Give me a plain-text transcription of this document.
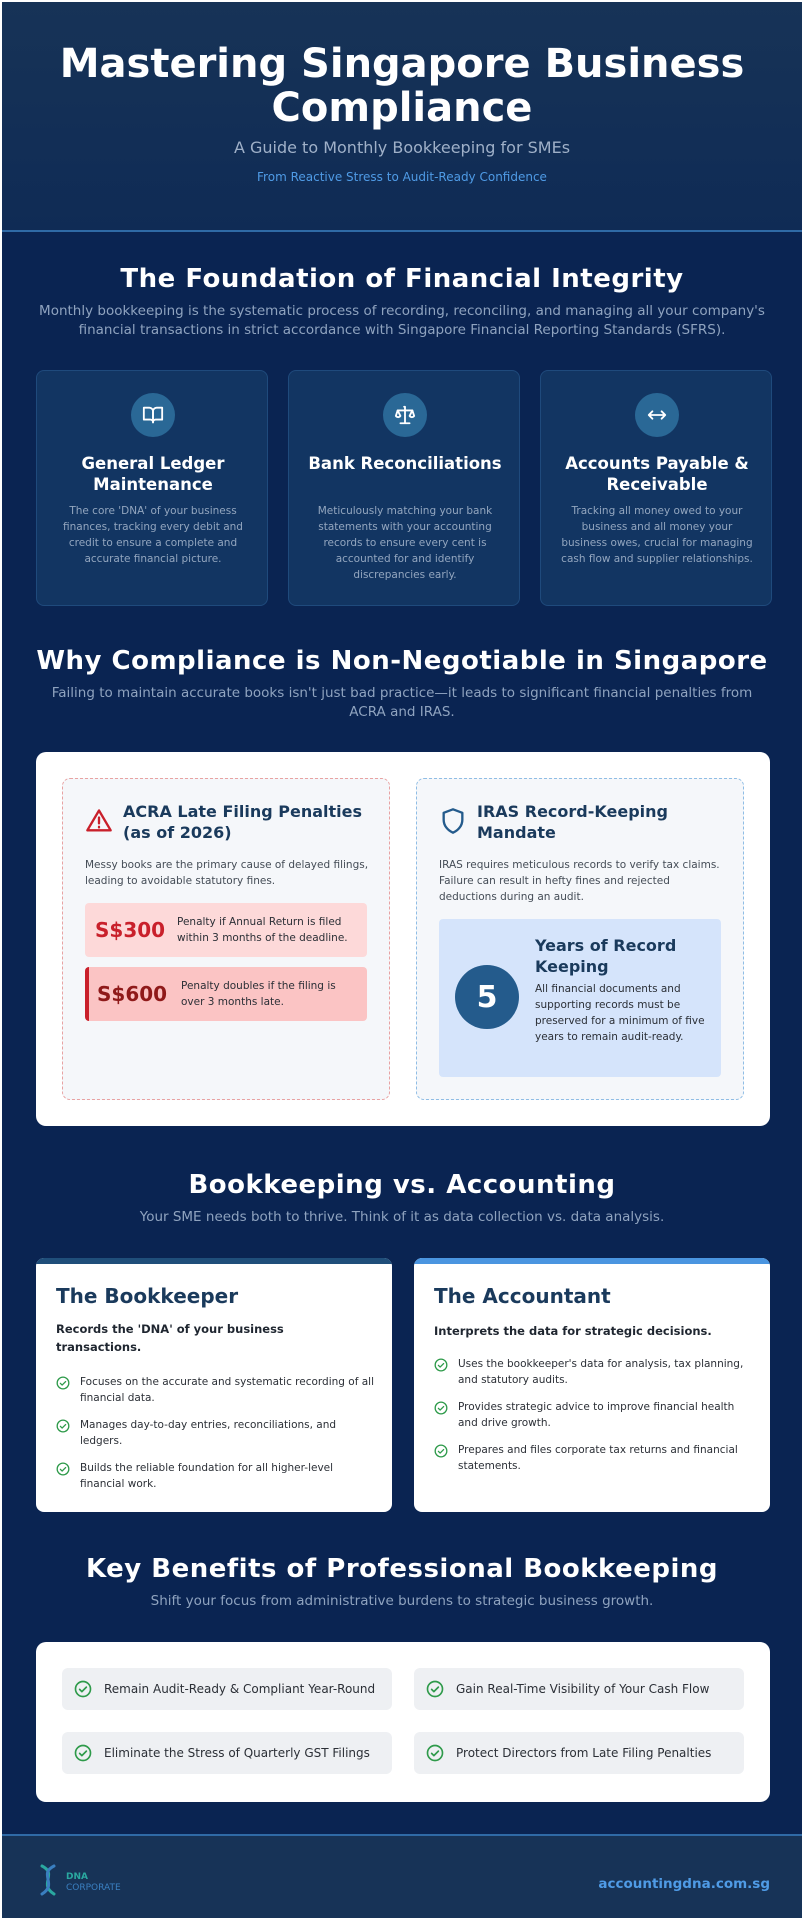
Mastering Singapore Business Compliance
A Guide to Monthly Bookkeeping for SMEs
From Reactive Stress to Audit-Ready Confidence
The Foundation of Financial Integrity
Monthly bookkeeping is the systematic process of recording, reconciling, and managing all your company's financial transactions in strict accordance with Singapore Financial Reporting Standards (SFRS).
General Ledger Maintenance

The core 'DNA' of your business finances, tracking every debit and credit to ensure a complete and accurate financial picture.

Bank Reconciliations

Meticulously matching your bank statements with your accounting records to ensure every cent is accounted for and identify discrepancies early.

Accounts Payable & Receivable

Tracking all money owed to your business and all money your business owes, crucial for managing cash flow and supplier relationships.

Why Compliance is Non-Negotiable in Singapore
Failing to maintain accurate books isn't just bad practice—it leads to significant financial penalties from ACRA and IRAS.
ACRA Late Filing Penalties (as of 2026)
Messy books are the primary cause of delayed filings, leading to avoidable statutory fines.
S$300	Penalty if Annual Return is filed within 3 months of the deadline.
S$600	Penalty doubles if the filing is over 3 months late.
IRAS Record-Keeping Mandate
IRAS requires meticulous records to verify tax claims. Failure can result in hefty fines and rejected deductions during an audit.
5
Years of Record Keeping

All financial documents and supporting records must be preserved for a minimum of five years to remain audit-ready.

Bookkeeping vs. Accounting
Your SME needs both to thrive. Think of it as data collection vs. data analysis.
The Bookkeeper
Records the 'DNA' of your business transactions.
Focuses on the accurate and systematic recording of all financial data.
Manages day-to-day entries, reconciliations, and ledgers.
Builds the reliable foundation for all higher-level financial work.
The Accountant
Interprets the data for strategic decisions.
Uses the bookkeeper's data for analysis, tax planning, and statutory audits.
Provides strategic advice to improve financial health and drive growth.
Prepares and files corporate tax returns and financial statements.
Key Benefits of Professional Bookkeeping
Shift your focus from administrative burdens to strategic business growth.
Remain Audit-Ready & Compliant Year-Round	Gain Real-Time Visibility of Your Cash Flow
Eliminate the Stress of Quarterly GST Filings	Protect Directors from Late Filing Penalties
DNA
CORPORATE	accountingdna.com.sg
